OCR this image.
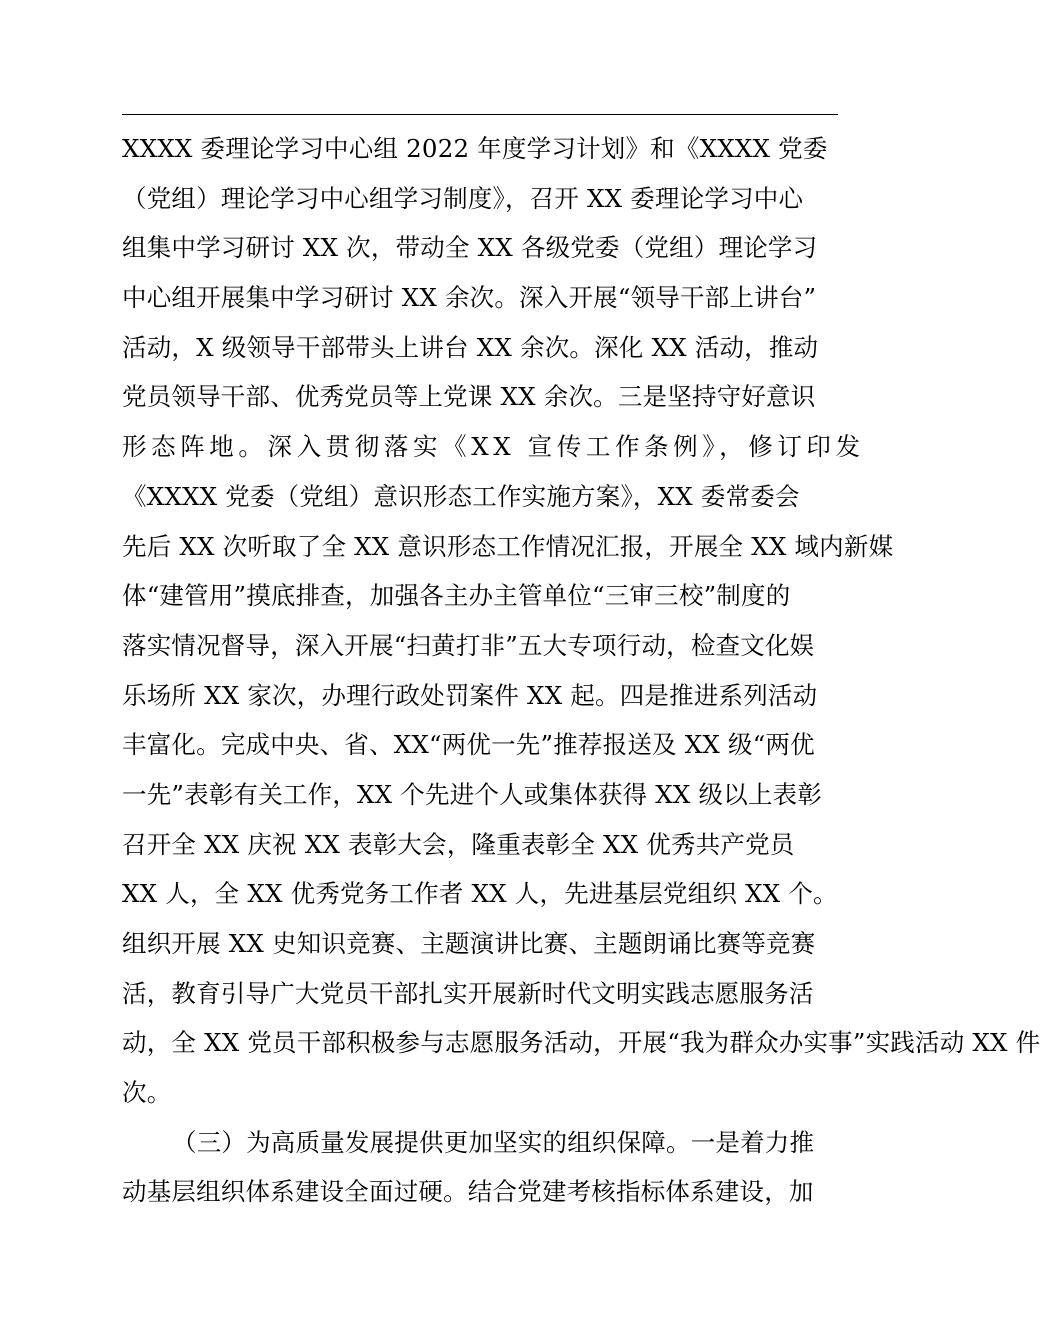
XXXX 委理论学习中心组 2022 年度学习计划》和《XXXX 党委
（党组）理论学习中心组学习制度》，召开 XX 委理论学习中心
组集中学习研讨 XX 次，带动全 XX 各级党委（党组）理论学习
中心组开展集中学习研讨 XX 余次。深入开展“领导干部上讲台”
活动，X 级领导干部带头上讲台 XX 余次。深化 XX 活动，推动
党员领导干部、优秀党员等上党课 XX 余次。三是坚持守好意识
形态阵地。深入贯彻落实《XX 宣传工作条例》，修订印发
《XXXX 党委（党组）意识形态工作实施方案》，XX 委常委会
先后 XX 次听取了全 XX 意识形态工作情况汇报，开展全 XX 域内新媒
体“建管用”摸底排查，加强各主办主管单位“三审三校”制度的
落实情况督导，深入开展“扫黄打非”五大专项行动，检查文化娱
乐场所 XX 家次，办理行政处罚案件 XX 起。四是推进系列活动
丰富化。完成中央、省、XX“两优一先”推荐报送及 XX 级“两优
一先”表彰有关工作，XX 个先进个人或集体获得 XX 级以上表彰
召开全 XX 庆祝 XX 表彰大会，隆重表彰全 XX 优秀共产党员
XX 人，全 XX 优秀党务工作者 XX 人，先进基层党组织 XX 个。
组织开展 XX 史知识竞赛、主题演讲比赛、主题朗诵比赛等竞赛
活，教育引导广大党员干部扎实开展新时代文明实践志愿服务活
动，全 XX 党员干部积极参与志愿服务活动，开展“我为群众办实事”实践活动 XX 件
次。
（三）为高质量发展提供更加坚实的组织保障。一是着力推
动基层组织体系建设全面过硬。结合党建考核指标体系建设，加
